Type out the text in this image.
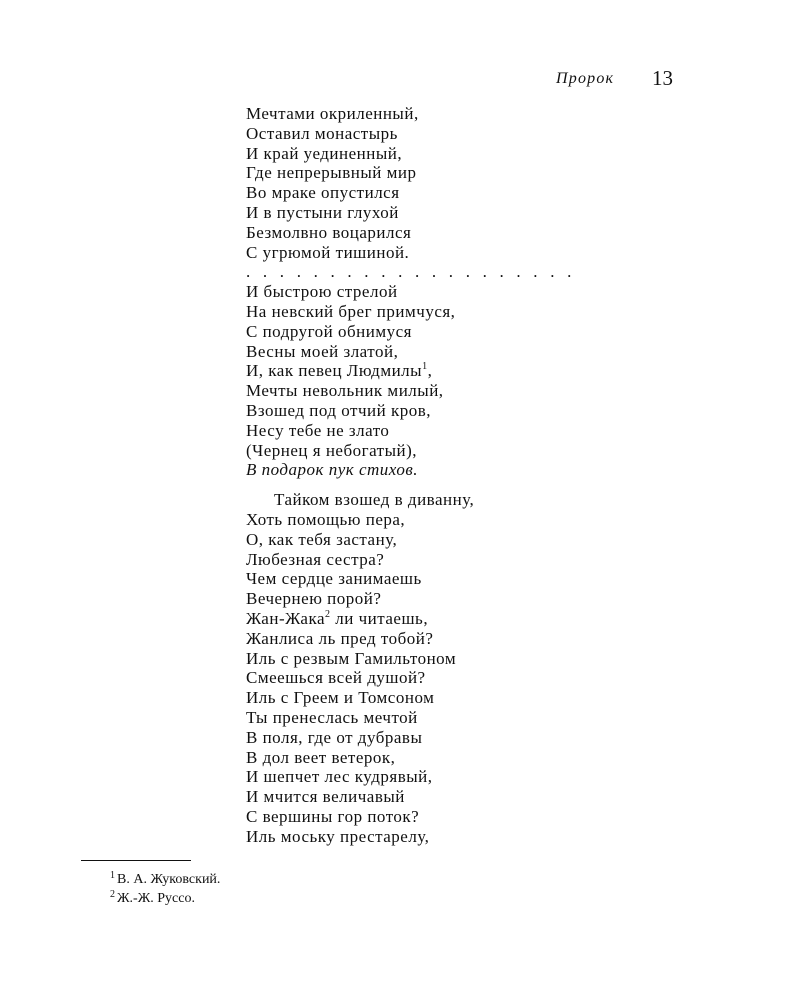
Пророк 13
Мечтами окриленный,
Оставил монастырь
И край уединенный,
Где непрерывный мир
Во мраке опустился
И в пустыни глухой
Безмолвно воцарился
С угрюмой тишиной.
. . . . . . . . . . . . . . . . . . . .
И быстрою стрелой
На невский брег примчуся,
С подругой обнимуся
Весны моей златой,
И, как певец Людмилы$^1$,
Мечты невольник милый,
Взошед под отчий кров,
Несу тебе не злато
(Чернец я небогатый),
В подарок пук стихов.
Тайком взошед в диванну,
Хоть помощью пера,
О, как тебя застану,
Любезная сестра?
Чем сердце занимаешь
Вечернею порой?
Жан-Жака$^2$ ли читаешь,
Жанлиса ль пред тобой?
Иль с резвым Гамильтоном
Смеешься всей душой?
Иль с Греем и Томсоном
Ты пренеслась мечтой
В поля, где от дубравы
В дол веет ветерок,
И шепчет лес кудрявый,
И мчится величавый
С вершины гор поток?
Иль моську престарелу,
$^1$ В. А. Жуковский.
$^2$ Ж.-Ж. Руссо.
